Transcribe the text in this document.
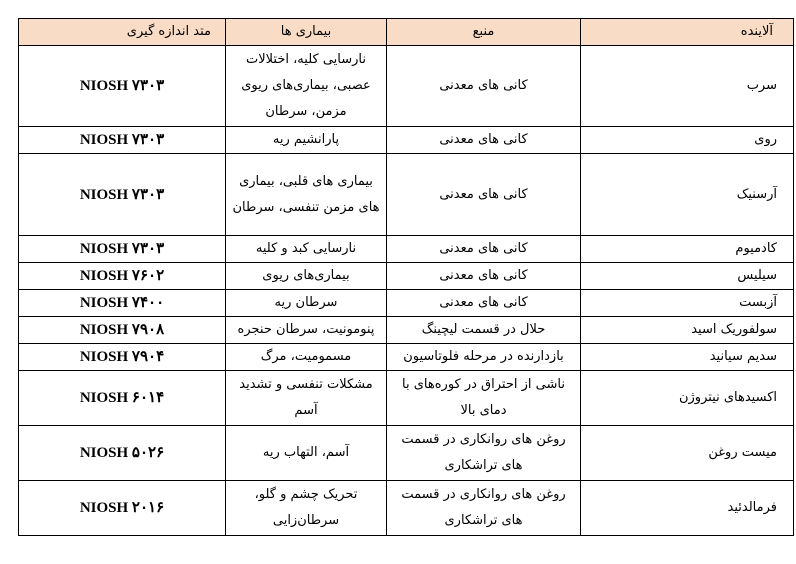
آلاینده	منبع	بیماری ها	متد اندازه گیری
سرب	کانی های معدنی	نارسایی کلیه، اختلالات عصبی، بیماری‌های ریوی مزمن، سرطان	NIOSH ۷۳۰۳
روی	کانی های معدنی	پارانشیم ریه	NIOSH ۷۳۰۳
آرسنیک	کانی های معدنی	بیماری های قلبی، بیماری های مزمن تنفسی، سرطان	NIOSH ۷۳۰۳
کادمیوم	کانی های معدنی	نارسایی کبد و کلیه	NIOSH ۷۳۰۳
سیلیس	کانی های معدنی	بیماری‌های ریوی	NIOSH ۷۶۰۲
آزبست	کانی های معدنی	سرطان ریه	NIOSH ۷۴۰۰
سولفوریک اسید	حلال در قسمت لیچینگ	پنومونیت، سرطان حنجره	NIOSH ۷۹۰۸
سدیم سیانید	بازدارنده در مرحله فلوتاسیون	مسمومیت، مرگ	NIOSH ۷۹۰۴
اکسیدهای نیتروژن	ناشی از احتراق در کوره‌های با دمای بالا	مشکلات تنفسی و تشدید آسم	NIOSH ۶۰۱۴
میست روغن	روغن های روانکاری در قسمت های تراشکاری	آسم، التهاب ریه	NIOSH ۵۰۲۶
فرمالدئید	روغن های روانکاری در قسمت های تراشکاری	تحریک چشم و گلو، سرطان‌زایی	NIOSH ۲۰۱۶
